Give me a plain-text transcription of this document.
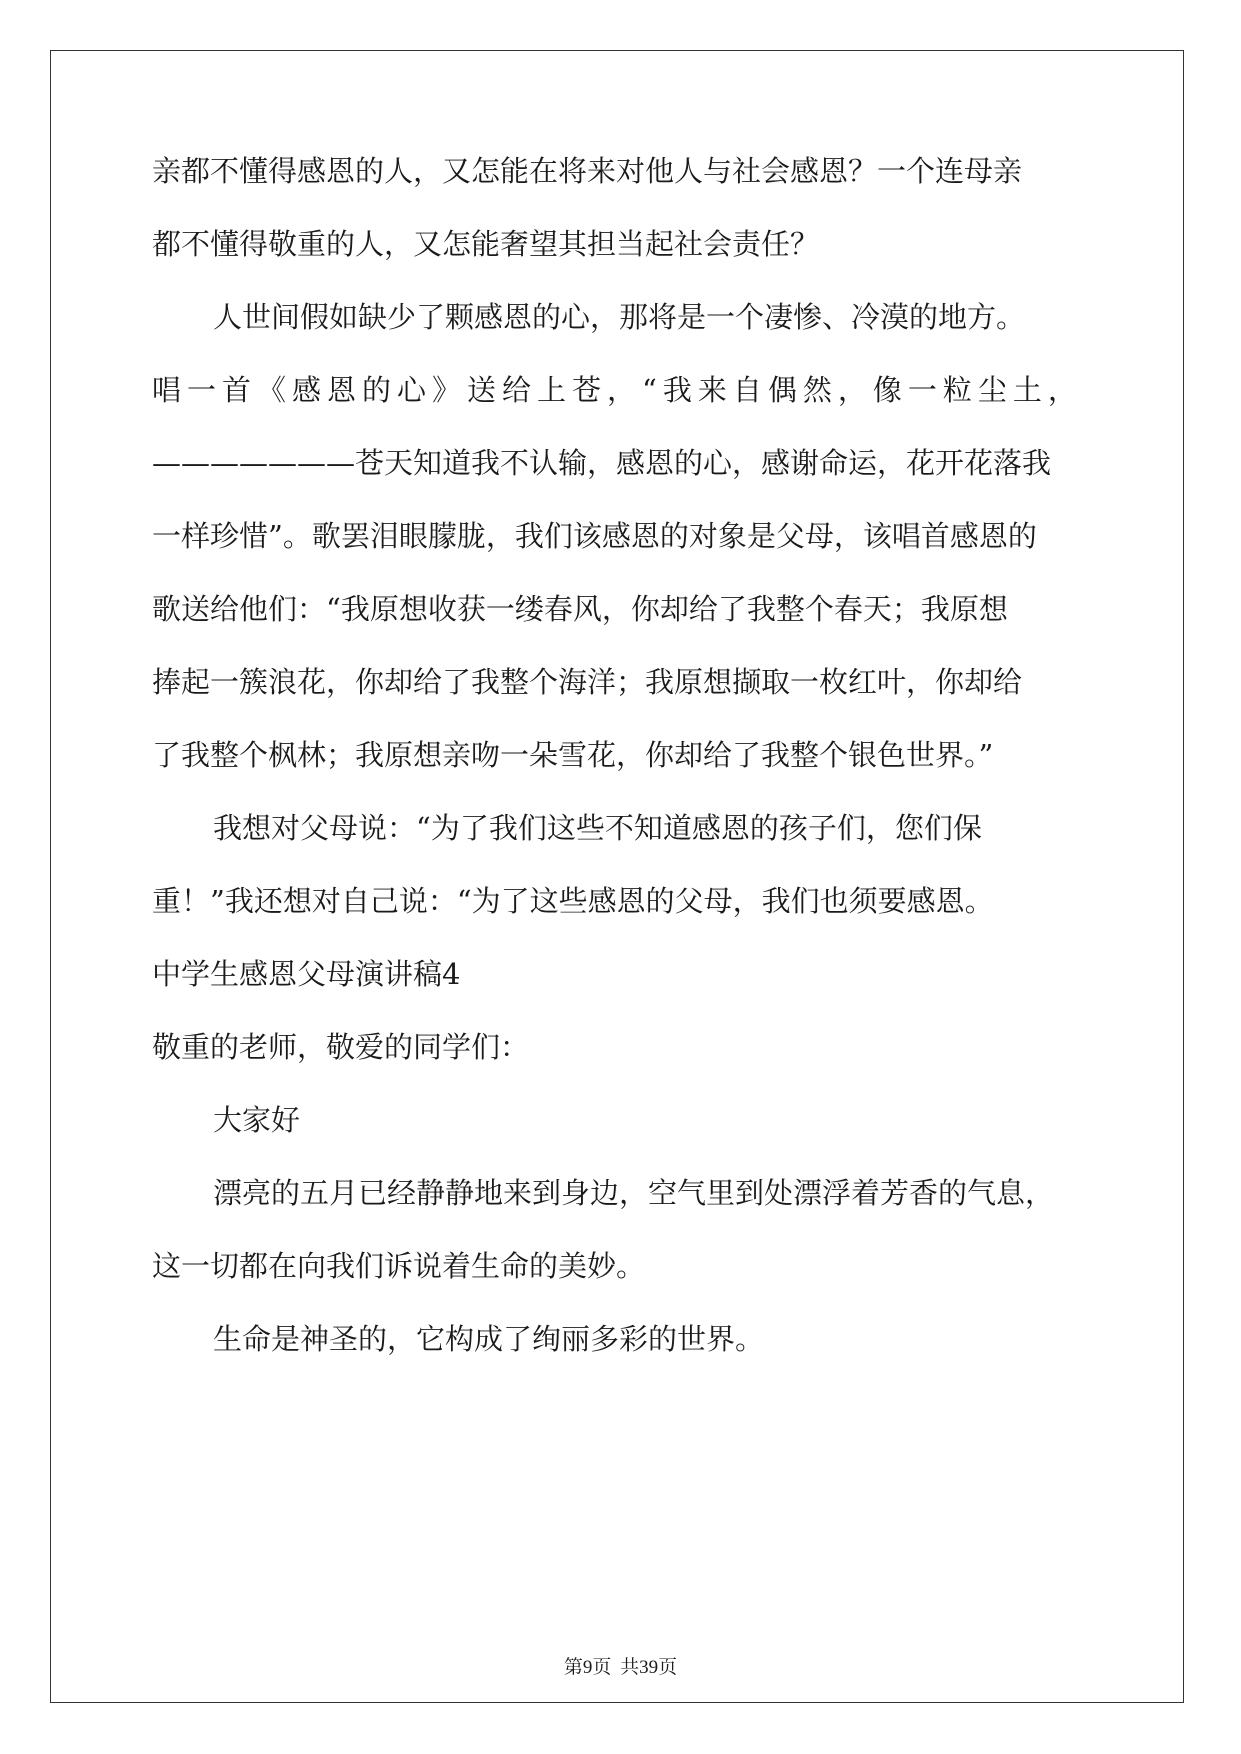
亲都不懂得感恩的人，又怎能在将来对他人与社会感恩？一个连母亲
都不懂得敬重的人，又怎能奢望其担当起社会责任？
人世间假如缺少了颗感恩的心，那将是一个凄惨、冷漠的地方。
唱一首《感恩的心》送给上苍，“我来自偶然，像一粒尘土，
———————苍天知道我不认输，感恩的心，感谢命运，花开花落我
一样珍惜”。歌罢泪眼朦胧，我们该感恩的对象是父母，该唱首感恩的
歌送给他们：“我原想收获一缕春风，你却给了我整个春天；我原想
捧起一簇浪花，你却给了我整个海洋；我原想撷取一枚红叶，你却给
了我整个枫林；我原想亲吻一朵雪花，你却给了我整个银色世界。”
我想对父母说：“为了我们这些不知道感恩的孩子们，您们保
重！”我还想对自己说：“为了这些感恩的父母，我们也须要感恩。
中学生感恩父母演讲稿4
敬重的老师，敬爱的同学们：
大家好
漂亮的五月已经静静地来到身边，空气里到处漂浮着芳香的气息，
这一切都在向我们诉说着生命的美妙。
生命是神圣的，它构成了绚丽多彩的世界。
第9页 共39页
